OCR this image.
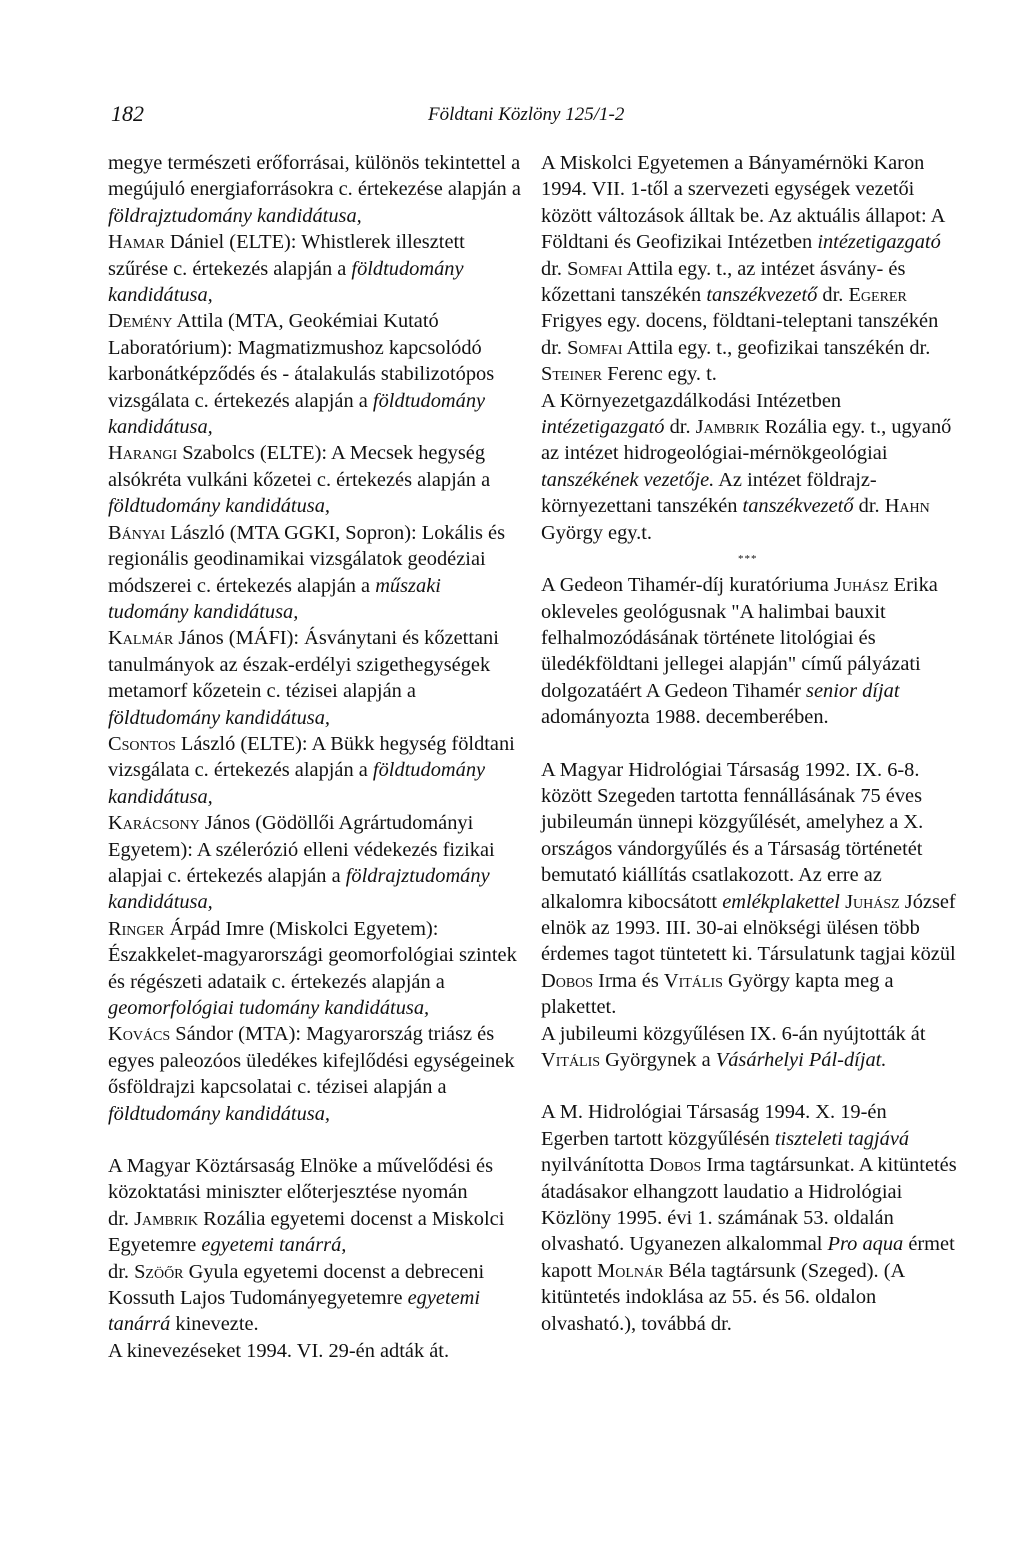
182	Földtani Közlöny 125/1-2

megye természeti erőforrásai, különös tekintettel a megújuló energiaforrásokra c. értekezése alapján a földrajztudomány kandidátusa,

Hamar Dániel (ELTE): Whistlerek illesztett szűrése c. értekezés alapján a földtudomány kandidátusa,

Demény Attila (MTA, Geokémiai Kutató Laboratórium): Magmatizmushoz kapcsolódó karbonátképződés és - átalakulás stabilizotópos vizsgálata c. értekezés alapján a földtudomány kandidátusa,

Harangi Szabolcs (ELTE): A Mecsek hegység alsókréta vulkáni kőzetei c. értekezés alapján a földtudomány kandidátusa,

Bányai László (MTA GGKI, Sopron): Lokális és regionális geodinamikai vizsgálatok geodéziai módszerei c. értekezés alapján a műszaki tudomány kandidátusa,

Kalmár János (MÁFI): Ásványtani és kőzettani tanulmányok az észak-erdélyi szigethegységek metamorf kőzetein c. tézisei alapján a földtudomány kandidátusa,

Csontos László (ELTE): A Bükk hegység földtani vizsgálata c. értekezés alapján a földtudomány kandidátusa,

Karácsony János (Gödöllői Agrártudományi Egyetem): A szélerózió elleni védekezés fizikai alapjai c. értekezés alapján a földrajztudomány kandidátusa,

Ringer Árpád Imre (Miskolci Egyetem): Északkelet-magyarországi geomorfológiai szintek és régészeti adataik c. értekezés alapján a geomorfológiai tudomány kandidátusa,

Kovács Sándor (MTA): Magyarország triász és egyes paleozóos üledékes kifejlődési egységeinek ősföldrajzi kapcsolatai c. tézisei alapján a földtudomány kandidátusa,

A Magyar Köztársaság Elnöke a művelődési és közoktatási miniszter előterjesztése nyomán

dr. Jambrik Rozália egyetemi docenst a Miskolci Egyetemre egyetemi tanárrá,

dr. Szöőr Gyula egyetemi docenst a debreceni Kossuth Lajos Tudományegyetemre egyetemi tanárrá kinevezte.

A kinevezéseket 1994. VI. 29-én adták át.

A Miskolci Egyetemen a Bányamérnöki Karon 1994. VII. 1-től a szervezeti egységek vezetői között változások álltak be. Az aktuális állapot: A Földtani és Geofizikai Intézetben intézetigazgató dr. Somfai Attila egy. t., az intézet ásvány- és kőzettani tanszékén tanszékvezető dr. Egerer Frigyes egy. docens, földtani-teleptani tanszékén dr. Somfai Attila egy. t., geofizikai tanszékén dr. Steiner Ferenc egy. t.

A Környezetgazdálkodási Intézetben intézetigazgató dr. Jambrik Rozália egy. t., ugyanő az intézet hidrogeológiai-mérnökgeológiai tanszékének vezetője. Az intézet földrajz-környezettani tanszékén tanszékvezető dr. Hahn György egy.t.

***

A Gedeon Tihamér-díj kuratóriuma Juhász Erika okleveles geológusnak "A halimbai bauxit felhalmozódásának története litológiai és üledékföldtani jellegei alapján" című pályázati dolgozatáért A Gedeon Tihamér senior díjat adományozta 1988. decemberében.

A Magyar Hidrológiai Társaság 1992. IX. 6-8. között Szegeden tartotta fennállásának 75 éves jubileumán ünnepi közgyűlését, amelyhez a X. országos vándorgyűlés és a Társaság történetét bemutató kiállítás csatlakozott. Az erre az alkalomra kibocsátott emlékplakettel Juhász József elnök az 1993. III. 30-ai elnökségi ülésen több érdemes tagot tüntetett ki. Társulatunk tagjai közül Dobos Irma és Vitális György kapta meg a plakettet.

A jubileumi közgyűlésen IX. 6-án nyújtották át Vitális Györgynek a Vásárhelyi Pál-díjat.

A M. Hidrológiai Társaság 1994. X. 19-én Egerben tartott közgyűlésén tiszteleti tagjává nyilvánította Dobos Irma tagtársunkat. A kitüntetés átadásakor elhangzott laudatio a Hidrológiai Közlöny 1995. évi 1. számának 53. oldalán olvasható. Ugyanezen alkalommal Pro aqua érmet kapott Molnár Béla tagtársunk (Szeged). (A kitüntetés indoklása az 55. és 56. oldalon olvasható.), továbbá dr.
